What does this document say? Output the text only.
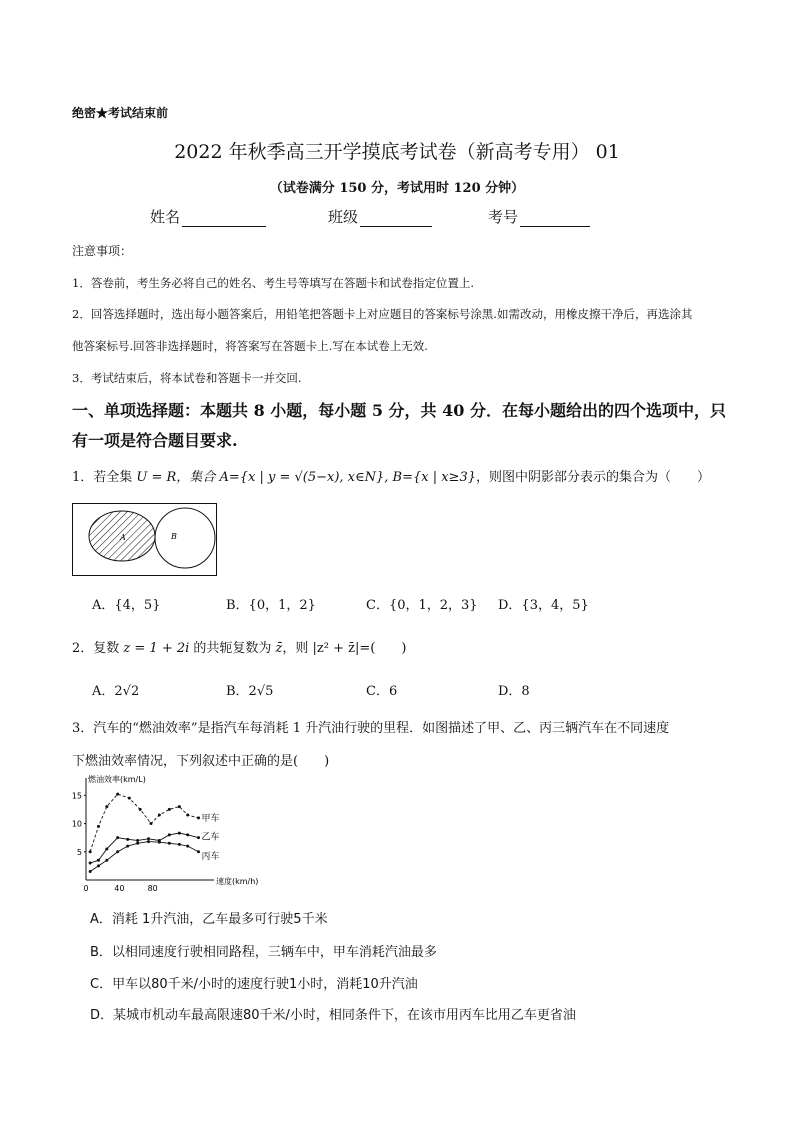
绝密★考试结束前
2022 年秋季高三开学摸底考试卷（新高考专用） 01
（试卷满分 150 分，考试用时 120 分钟）
姓名	班级	考号
注意事项：
1．答卷前，考生务必将自己的姓名、考生号等填写在答题卡和试卷指定位置上.
2．回答选择题时，选出每小题答案后，用铅笔把答题卡上对应题目的答案标号涂黑.如需改动，用橡皮擦干净后，再选涂其
他答案标号.回答非选择题时，将答案写在答题卡上.写在本试卷上无效.
3．考试结束后，将本试卷和答题卡一并交回.
一、单项选择题：本题共 8 小题，每小题 5 分，共 40 分．在每小题给出的四个选项中，只有一项是符合题目要求.
1．若全集 U = R，集合 A={x | y = √(5−x), x∈N}, B={x | x≥3}，则图中阴影部分表示的集合为（　　）
A	B
A．{4，5}	B．{0，1，2}	C．{0，1，2，3} D．{3，4，5}
2．复数 z = 1 + 2i 的共轭复数为 z̄，则 |z² + z̄|=(　　)
A．2√2	B．2√5	C．6	D．8
3．汽车的“燃油效率”是指汽车每消耗 1 升汽油行驶的里程．如图描述了甲、乙、丙三辆汽车在不同速度
下燃油效率情况，下列叙述中正确的是(　　)
燃油效率(km/L)
速度(km/h)
5
10
15
0	40	80
甲车
乙车
丙车
A．消耗 1升汽油，乙车最多可行驶5千米
B．以相同速度行驶相同路程，三辆车中，甲车消耗汽油最多
C．甲车以80千米/小时的速度行驶1小时，消耗10升汽油
D．某城市机动车最高限速80千米/小时，相同条件下，在该市用丙车比用乙车更省油
